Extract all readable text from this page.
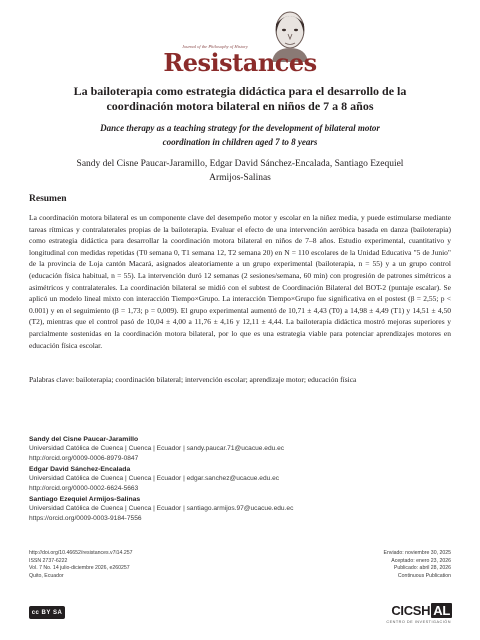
Journal of the Philosophy of History
Resistances
La bailoterapia como estrategia didáctica para el desarrollo de la coordinación motora bilateral en niños de 7 a 8 años
Dance therapy as a teaching strategy for the development of bilateral motor coordination in children aged 7 to 8 years
Sandy del Cisne Paucar-Jaramillo, Edgar David Sánchez-Encalada, Santiago Ezequiel Armijos-Salinas
Resumen

La coordinación motora bilateral es un componente clave del desempeño motor y escolar en la niñez media, y puede estimularse mediante tareas rítmicas y contralaterales propias de la bailoterapia. Evaluar el efecto de una intervención aeróbica basada en danza (bailoterapia) como estrategia didáctica para desarrollar la coordinación motora bilateral en niños de 7–8 años. Estudio experimental, cuantitativo y longitudinal con medidas repetidas (T0 semana 0, T1 semana 12, T2 semana 20) en N = 110 escolares de la Unidad Educativa "5 de Junio" de la provincia de Loja cantón Macará, asignados aleatoriamente a un grupo experimental (bailoterapia, n = 55) y a un grupo control (educación física habitual, n = 55). La intervención duró 12 semanas (2 sesiones/semana, 60 min) con progresión de patrones simétricos a asimétricos y contralaterales. La coordinación bilateral se midió con el subtest de Coordinación Bilateral del BOT-2 (puntaje escalar). Se aplicó un modelo lineal mixto con interacción Tiempo×Grupo. La interacción Tiempo×Grupo fue significativa en el postest (β = 2,55; p < 0.001) y en el seguimiento (β = 1,73; p = 0,009). El grupo experimental aumentó de 10,71 ± 4,43 (T0) a 14,98 ± 4,49 (T1) y 14,51 ± 4,50 (T2), mientras que el control pasó de 10,04 ± 4,00 a 11,76 ± 4,16 y 12,11 ± 4,44. La bailoterapia didáctica mostró mejoras superiores y parcialmente sostenidas en la coordinación motora bilateral, por lo que es una estrategia viable para potenciar aprendizajes motores en educación física escolar.

Palabras clave: bailoterapia; coordinación bilateral; intervención escolar; aprendizaje motor; educación física
Sandy del Cisne Paucar-Jaramillo
Universidad Católica de Cuenca | Cuenca | Ecuador | sandy.paucar.71@ucacue.edu.ec
http://orcid.org/0009-0006-8979-0847
Edgar David Sánchez-Encalada
Universidad Católica de Cuenca | Cuenca | Ecuador | edgar.sanchez@ucacue.edu.ec
http://orcid.org/0000-0002-6624-5663
Santiago Ezequiel Armijos-Salinas
Universidad Católica de Cuenca | Cuenca | Ecuador | santiago.armijos.97@ucacue.edu.ec
https://orcid.org/0009-0003-9184-7556
http://doi.org/10.46652/resistances.v7i14.257
ISSN 2737-6222
Vol. 7 No. 14 julio-diciembre 2026, e260257
Quito, Ecuador
Enviado: noviembre 30, 2025
Aceptado: enero 23, 2026
Publicado: abril 28, 2026
Continuous Publication
cc BY SA	CICSH AL
CENTRO DE INVESTIGACIÓN
